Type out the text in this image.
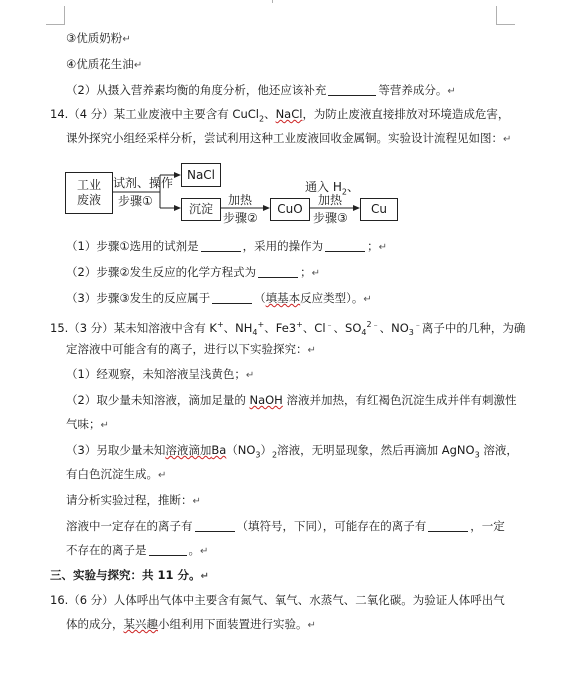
③优质奶粉↵
④优质花生油↵
（2）从摄入营养素均衡的角度分析，他还应该补充	等营养成分。↵
14.（4 分）某工业废液中主要含有 CuCl$_2$、NaCl，为防止废液直接排放对环境造成危害，
课外探究小组经采样分析，尝试利用这种工业废液回收金属铜。实验设计流程见如图：↵
工业
废液
NaCl
沉淀	CuO	Cu
试剂、操作
步骤①	加热
步骤②
通入 $H_2$、
加热
步骤③
（1）步骤①选用的试剂是	，采用的操作为	；↵
（2）步骤②发生反应的化学方程式为	；↵
（3）步骤③发生的反应属于	（填基本反应类型）。↵
15.（3 分）某未知溶液中含有 K+、$NH_4^+$、Fe3+、Cl﹣、$SO_4^{2﹣}$、$NO_3^﹣$离子中的几种，为确
定溶液中可能含有的离子，进行以下实验探究：↵
（1）经观察，未知溶液呈浅黄色；↵
（2）取少量未知溶液，滴加足量的 NaOH 溶液并加热，有红褐色沉淀生成并伴有刺激性
气味；↵
（3）另取少量未知溶液滴加$Ba(NO_3)_2$溶液，无明显现象，然后再滴加 AgNO$_3$ 溶液，
有白色沉淀生成。↵
请分析实验过程，推断：↵
溶液中一定存在的离子有	（填符号，下同），可能存在的离子有	，一定
不存在的离子是	。↵
三、实验与探究：共 11 分。↵
16.（6 分）人体呼出气体中主要含有氮气、氧气、水蒸气、二氧化碳。为验证人体呼出气
体的成分，某兴趣小组利用下面装置进行实验。↵
